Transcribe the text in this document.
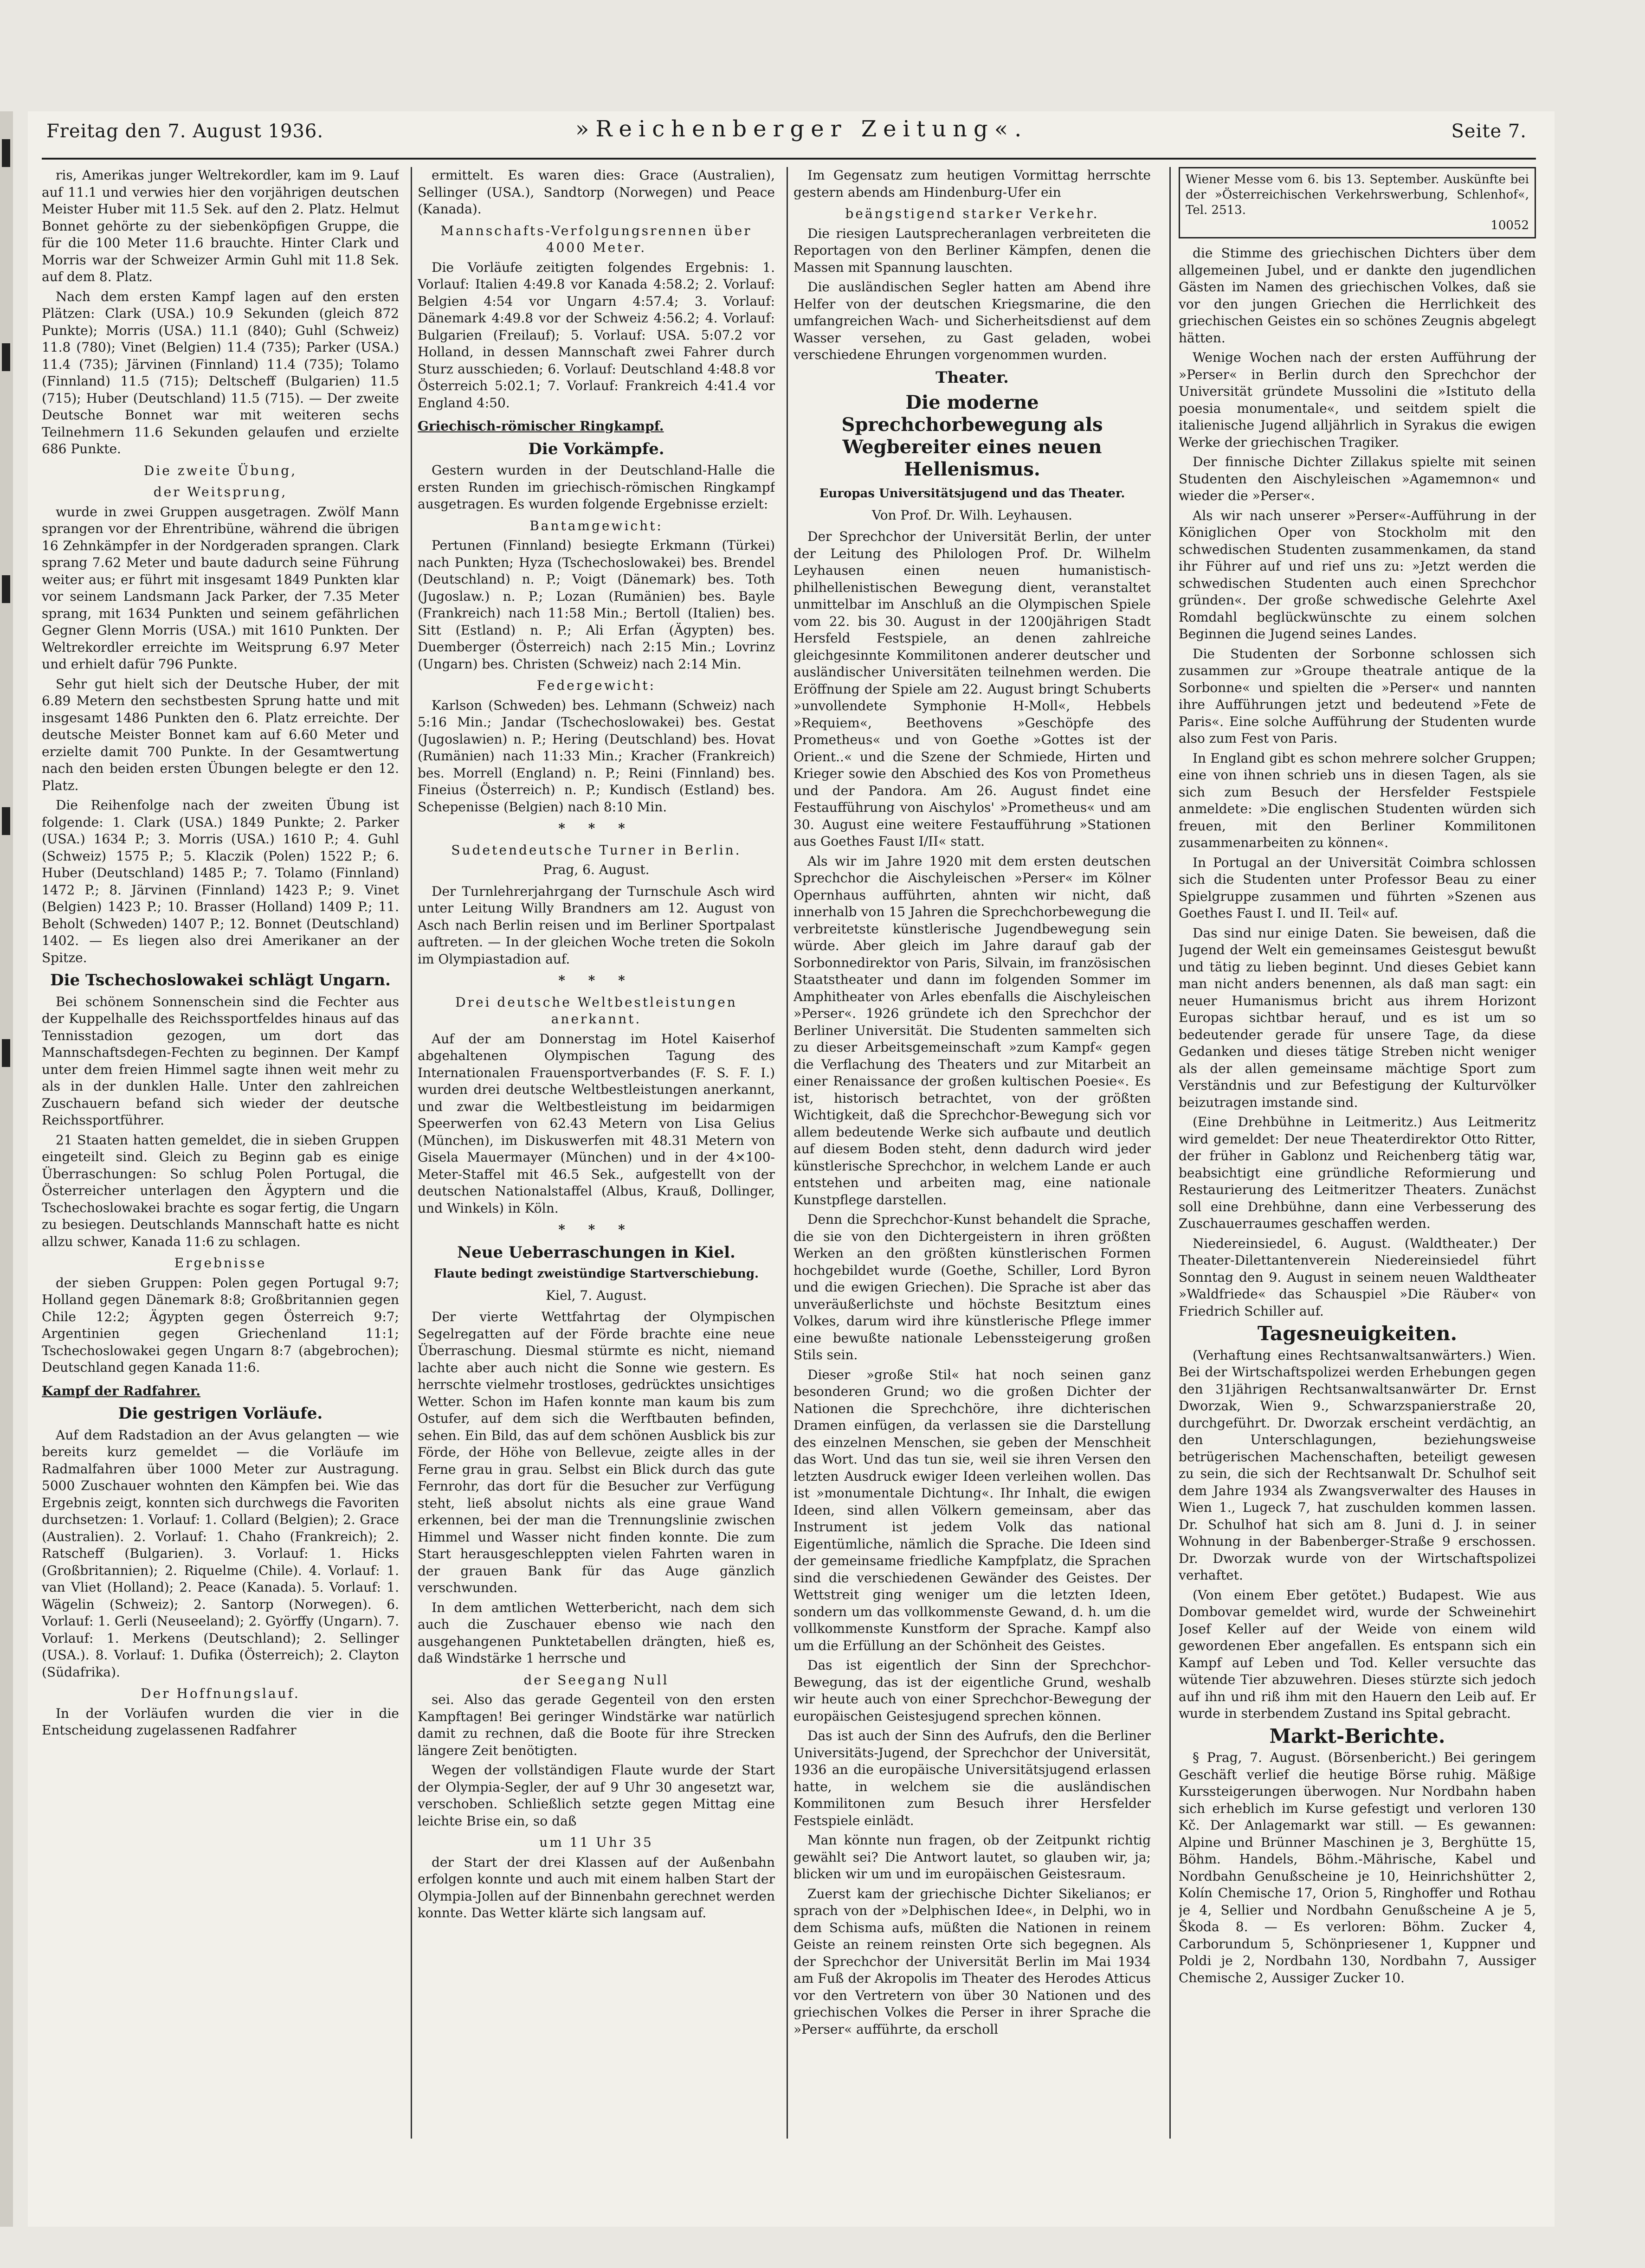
Freitag den 7. August 1936.	»Reichenberger Zeitung«.	Seite 7.

ris, Amerikas junger Weltrekordler, kam im 9. Lauf auf 11.1 und verwies hier den vorjährigen deutschen Meister Huber mit 11.5 Sek. auf den 2. Platz. Helmut Bonnet gehörte zu der siebenköpfigen Gruppe, die für die 100 Meter 11.6 brauchte. Hinter Clark und Morris war der Schweizer Armin Guhl mit 11.8 Sek. auf dem 8. Platz.

Nach dem ersten Kampf lagen auf den ersten Plätzen: Clark (USA.) 10.9 Sekunden (gleich 872 Punkte); Morris (USA.) 11.1 (840); Guhl (Schweiz) 11.8 (780); Vinet (Belgien) 11.4 (735); Parker (USA.) 11.4 (735); Järvinen (Finnland) 11.4 (735); Tolamo (Finnland) 11.5 (715); Deltscheff (Bulgarien) 11.5 (715); Huber (Deutschland) 11.5 (715). — Der zweite Deutsche Bonnet war mit weiteren sechs Teilnehmern 11.6 Sekunden gelaufen und erzielte 686 Punkte.

Die zweite Übung,
der Weitsprung,

wurde in zwei Gruppen ausgetragen. Zwölf Mann sprangen vor der Ehrentribüne, während die übrigen 16 Zehnkämpfer in der Nordgeraden sprangen. Clark sprang 7.62 Meter und baute dadurch seine Führung weiter aus; er führt mit insgesamt 1849 Punkten klar vor seinem Landsmann Jack Parker, der 7.35 Meter sprang, mit 1634 Punkten und seinem gefährlichen Gegner Glenn Morris (USA.) mit 1610 Punkten. Der Weltrekordler erreichte im Weitsprung 6.97 Meter und erhielt dafür 796 Punkte.

Sehr gut hielt sich der Deutsche Huber, der mit 6.89 Metern den sechstbesten Sprung hatte und mit insgesamt 1486 Punkten den 6. Platz erreichte. Der deutsche Meister Bonnet kam auf 6.60 Meter und erzielte damit 700 Punkte. In der Gesamtwertung nach den beiden ersten Übungen belegte er den 12. Platz.

Die Reihenfolge nach der zweiten Übung ist folgende: 1. Clark (USA.) 1849 Punkte; 2. Parker (USA.) 1634 P.; 3. Morris (USA.) 1610 P.; 4. Guhl (Schweiz) 1575 P.; 5. Klaczik (Polen) 1522 P.; 6. Huber (Deutschland) 1485 P.; 7. Tolamo (Finnland) 1472 P.; 8. Järvinen (Finnland) 1423 P.; 9. Vinet (Belgien) 1423 P.; 10. Brasser (Holland) 1409 P.; 11. Beholt (Schweden) 1407 P.; 12. Bonnet (Deutschland) 1402. — Es liegen also drei Amerikaner an der Spitze.

Die Tschechoslowakei schlägt Ungarn.

Bei schönem Sonnenschein sind die Fechter aus der Kuppelhalle des Reichssportfeldes hinaus auf das Tennisstadion gezogen, um dort das Mannschaftsdegen-Fechten zu beginnen. Der Kampf unter dem freien Himmel sagte ihnen weit mehr zu als in der dunklen Halle. Unter den zahlreichen Zuschauern befand sich wieder der deutsche Reichssportführer.

21 Staaten hatten gemeldet, die in sieben Gruppen eingeteilt sind. Gleich zu Beginn gab es einige Überraschungen: So schlug Polen Portugal, die Österreicher unterlagen den Ägyptern und die Tschechoslowakei brachte es sogar fertig, die Ungarn zu besiegen. Deutschlands Mannschaft hatte es nicht allzu schwer, Kanada 11:6 zu schlagen.

Ergebnisse

der sieben Gruppen: Polen gegen Portugal 9:7; Holland gegen Dänemark 8:8; Großbritannien gegen Chile 12:2; Ägypten gegen Österreich 9:7; Argentinien gegen Griechenland 11:1; Tschechoslowakei gegen Ungarn 8:7 (abgebrochen); Deutschland gegen Kanada 11:6.

Kampf der Radfahrer.
Die gestrigen Vorläufe.

Auf dem Radstadion an der Avus gelangten — wie bereits kurz gemeldet — die Vorläufe im Radmalfahren über 1000 Meter zur Austragung. 5000 Zuschauer wohnten den Kämpfen bei. Wie das Ergebnis zeigt, konnten sich durchwegs die Favoriten durchsetzen: 1. Vorlauf: 1. Collard (Belgien); 2. Grace (Australien). 2. Vorlauf: 1. Chaho (Frankreich); 2. Ratscheff (Bulgarien). 3. Vorlauf: 1. Hicks (Großbritannien); 2. Riquelme (Chile). 4. Vorlauf: 1. van Vliet (Holland); 2. Peace (Kanada). 5. Vorlauf: 1. Wägelin (Schweiz); 2. Santorp (Norwegen). 6. Vorlauf: 1. Gerli (Neuseeland); 2. Györffy (Ungarn). 7. Vorlauf: 1. Merkens (Deutschland); 2. Sellinger (USA.). 8. Vorlauf: 1. Dufika (Österreich); 2. Clayton (Südafrika).

Der Hoffnungslauf.

In der Vorläufen wurden die vier in die Entscheidung zugelassenen Radfahrer

ermittelt. Es waren dies: Grace (Australien), Sellinger (USA.), Sandtorp (Norwegen) und Peace (Kanada).

Mannschafts-Verfolgungsrennen über 4000 Meter.

Die Vorläufe zeitigten folgendes Ergebnis: 1. Vorlauf: Italien 4:49.8 vor Kanada 4:58.2; 2. Vorlauf: Belgien 4:54 vor Ungarn 4:57.4; 3. Vorlauf: Dänemark 4:49.8 vor der Schweiz 4:56.2; 4. Vorlauf: Bulgarien (Freilauf); 5. Vorlauf: USA. 5:07.2 vor Holland, in dessen Mannschaft zwei Fahrer durch Sturz ausschieden; 6. Vorlauf: Deutschland 4:48.8 vor Österreich 5:02.1; 7. Vorlauf: Frankreich 4:41.4 vor England 4:50.

Griechisch-römischer Ringkampf.
Die Vorkämpfe.

Gestern wurden in der Deutschland-Halle die ersten Runden im griechisch-römischen Ringkampf ausgetragen. Es wurden folgende Ergebnisse erzielt:

Bantamgewicht:

Pertunen (Finnland) besiegte Erkmann (Türkei) nach Punkten; Hyza (Tschechoslowakei) bes. Brendel (Deutschland) n. P.; Voigt (Dänemark) bes. Toth (Jugoslaw.) n. P.; Lozan (Rumänien) bes. Bayle (Frankreich) nach 11:58 Min.; Bertoll (Italien) bes. Sitt (Estland) n. P.; Ali Erfan (Ägypten) bes. Duemberger (Österreich) nach 2:15 Min.; Lovrinz (Ungarn) bes. Christen (Schweiz) nach 2:14 Min.

Federgewicht:

Karlson (Schweden) bes. Lehmann (Schweiz) nach 5:16 Min.; Jandar (Tschechoslowakei) bes. Gestat (Jugoslawien) n. P.; Hering (Deutschland) bes. Hovat (Rumänien) nach 11:33 Min.; Kracher (Frankreich) bes. Morrell (England) n. P.; Reini (Finnland) bes. Fineius (Österreich) n. P.; Kundisch (Estland) bes. Schepenisse (Belgien) nach 8:10 Min.

* * *
Sudetendeutsche Turner in Berlin.
Prag, 6. August.

Der Turnlehrerjahrgang der Turnschule Asch wird unter Leitung Willy Brandners am 12. August von Asch nach Berlin reisen und im Berliner Sportpalast auftreten. — In der gleichen Woche treten die Sokoln im Olympiastadion auf.

* * *
Drei deutsche Weltbestleistungen anerkannt.

Auf der am Donnerstag im Hotel Kaiserhof abgehaltenen Olympischen Tagung des Internationalen Frauensportverbandes (F. S. F. I.) wurden drei deutsche Weltbestleistungen anerkannt, und zwar die Weltbestleistung im beidarmigen Speerwerfen von 62.43 Metern von Lisa Gelius (München), im Diskuswerfen mit 48.31 Metern von Gisela Mauermayer (München) und in der 4×100-Meter-Staffel mit 46.5 Sek., aufgestellt von der deutschen Nationalstaffel (Albus, Krauß, Dollinger, und Winkels) in Köln.

* * *
Neue Ueberraschungen in Kiel.
Flaute bedingt zweistündige Startverschiebung.
Kiel, 7. August.

Der vierte Wettfahrtag der Olympischen Segelregatten auf der Förde brachte eine neue Überraschung. Diesmal stürmte es nicht, niemand lachte aber auch nicht die Sonne wie gestern. Es herrschte vielmehr trostloses, gedrücktes unsichtiges Wetter. Schon im Hafen konnte man kaum bis zum Ostufer, auf dem sich die Werftbauten befinden, sehen. Ein Bild, das auf dem schönen Ausblick bis zur Förde, der Höhe von Bellevue, zeigte alles in der Ferne grau in grau. Selbst ein Blick durch das gute Fernrohr, das dort für die Besucher zur Verfügung steht, ließ absolut nichts als eine graue Wand erkennen, bei der man die Trennungslinie zwischen Himmel und Wasser nicht finden konnte. Die zum Start herausgeschleppten vielen Fahrten waren in der grauen Bank für das Auge gänzlich verschwunden.

In dem amtlichen Wetterbericht, nach dem sich auch die Zuschauer ebenso wie nach den ausgehangenen Punktetabellen drängten, hieß es, daß Windstärke 1 herrsche und

der Seegang Null

sei. Also das gerade Gegenteil von den ersten Kampftagen! Bei geringer Windstärke war natürlich damit zu rechnen, daß die Boote für ihre Strecken längere Zeit benötigten.

Wegen der vollständigen Flaute wurde der Start der Olympia-Segler, der auf 9 Uhr 30 angesetzt war, verschoben. Schließlich setzte gegen Mittag eine leichte Brise ein, so daß

um 11 Uhr 35

der Start der drei Klassen auf der Außenbahn erfolgen konnte und auch mit einem halben Start der Olympia-Jollen auf der Binnenbahn gerechnet werden konnte. Das Wetter klärte sich langsam auf.

Im Gegensatz zum heutigen Vormittag herrschte gestern abends am Hindenburg-Ufer ein

beängstigend starker Verkehr.

Die riesigen Lautsprecheranlagen verbreiteten die Reportagen von den Berliner Kämpfen, denen die Massen mit Spannung lauschten.

Die ausländischen Segler hatten am Abend ihre Helfer von der deutschen Kriegsmarine, die den umfangreichen Wach- und Sicherheitsdienst auf dem Wasser versehen, zu Gast geladen, wobei verschiedene Ehrungen vorgenommen wurden.

Theater.
Die moderne Sprechchorbewegung als Wegbereiter eines neuen Hellenismus.
Europas Universitätsjugend und das Theater.
Von Prof. Dr. Wilh. Leyhausen.

Der Sprechchor der Universität Berlin, der unter der Leitung des Philologen Prof. Dr. Wilhelm Leyhausen einen neuen humanistisch-philhellenistischen Bewegung dient, veranstaltet unmittelbar im Anschluß an die Olympischen Spiele vom 22. bis 30. August in der 1200jährigen Stadt Hersfeld Festspiele, an denen zahlreiche gleichgesinnte Kommilitonen anderer deutscher und ausländischer Universitäten teilnehmen werden. Die Eröffnung der Spiele am 22. August bringt Schuberts »unvollendete Symphonie H-Moll«, Hebbels »Requiem«, Beethovens »Geschöpfe des Prometheus« und von Goethe »Gottes ist der Orient..« und die Szene der Schmiede, Hirten und Krieger sowie den Abschied des Kos von Prometheus und der Pandora. Am 26. August findet eine Festaufführung von Aischylos' »Prometheus« und am 30. August eine weitere Festaufführung »Stationen aus Goethes Faust I/II« statt.

Als wir im Jahre 1920 mit dem ersten deutschen Sprechchor die Aischyleischen »Perser« im Kölner Opernhaus aufführten, ahnten wir nicht, daß innerhalb von 15 Jahren die Sprechchorbewegung die verbreitetste künstlerische Jugendbewegung sein würde. Aber gleich im Jahre darauf gab der Sorbonnedirektor von Paris, Silvain, im französischen Staatstheater und dann im folgenden Sommer im Amphitheater von Arles ebenfalls die Aischyleischen »Perser«. 1926 gründete ich den Sprechchor der Berliner Universität. Die Studenten sammelten sich zu dieser Arbeitsgemeinschaft »zum Kampf« gegen die Verflachung des Theaters und zur Mitarbeit an einer Renaissance der großen kultischen Poesie«. Es ist, historisch betrachtet, von der größten Wichtigkeit, daß die Sprechchor-Bewegung sich vor allem bedeutende Werke sich aufbaute und deutlich auf diesem Boden steht, denn dadurch wird jeder künstlerische Sprechchor, in welchem Lande er auch entstehen und arbeiten mag, eine nationale Kunstpflege darstellen.

Denn die Sprechchor-Kunst behandelt die Sprache, die sie von den Dichtergeistern in ihren größten Werken an den größten künstlerischen Formen hochgebildet wurde (Goethe, Schiller, Lord Byron und die ewigen Griechen). Die Sprache ist aber das unveräußerlichste und höchste Besitztum eines Volkes, darum wird ihre künstlerische Pflege immer eine bewußte nationale Lebenssteigerung großen Stils sein.

Dieser »große Stil« hat noch seinen ganz besonderen Grund; wo die großen Dichter der Nationen die Sprechchöre, ihre dichterischen Dramen einfügen, da verlassen sie die Darstellung des einzelnen Menschen, sie geben der Menschheit das Wort. Und das tun sie, weil sie ihren Versen den letzten Ausdruck ewiger Ideen verleihen wollen. Das ist »monumentale Dichtung«. Ihr Inhalt, die ewigen Ideen, sind allen Völkern gemeinsam, aber das Instrument ist jedem Volk das national Eigentümliche, nämlich die Sprache. Die Ideen sind der gemeinsame friedliche Kampfplatz, die Sprachen sind die verschiedenen Gewänder des Geistes. Der Wettstreit ging weniger um die letzten Ideen, sondern um das vollkommenste Gewand, d. h. um die vollkommenste Kunstform der Sprache. Kampf also um die Erfüllung an der Schönheit des Geistes.

Das ist eigentlich der Sinn der Sprechchor-Bewegung, das ist der eigentliche Grund, weshalb wir heute auch von einer Sprechchor-Bewegung der europäischen Geistesjugend sprechen können.

Das ist auch der Sinn des Aufrufs, den die Berliner Universitäts-Jugend, der Sprechchor der Universität, 1936 an die europäische Universitätsjugend erlassen hatte, in welchem sie die ausländischen Kommilitonen zum Besuch ihrer Hersfelder Festspiele einlädt.

Man könnte nun fragen, ob der Zeitpunkt richtig gewählt sei? Die Antwort lautet, so glauben wir, ja; blicken wir um und im europäischen Geistesraum.

Zuerst kam der griechische Dichter Sikelianos; er sprach von der »Delphischen Idee«, in Delphi, wo in dem Schisma aufs, müßten die Nationen in reinem Geiste an reinem reinsten Orte sich begegnen. Als der Sprechchor der Universität Berlin im Mai 1934 am Fuß der Akropolis im Theater des Herodes Atticus vor den Vertretern von über 30 Nationen und des griechischen Volkes die Perser in ihrer Sprache die »Perser« aufführte, da erscholl

Wiener Messe vom 6. bis 13. September. Auskünfte bei der »Österreichischen Verkehrswerbung, Schlenhof«, Tel. 2513.
10052

die Stimme des griechischen Dichters über dem allgemeinen Jubel, und er dankte den jugendlichen Gästen im Namen des griechischen Volkes, daß sie vor den jungen Griechen die Herrlichkeit des griechischen Geistes ein so schönes Zeugnis abgelegt hätten.

Wenige Wochen nach der ersten Aufführung der »Perser« in Berlin durch den Sprechchor der Universität gründete Mussolini die »Istituto della poesia monumentale«, und seitdem spielt die italienische Jugend alljährlich in Syrakus die ewigen Werke der griechischen Tragiker.

Der finnische Dichter Zillakus spielte mit seinen Studenten den Aischyleischen »Agamemnon« und wieder die »Perser«.

Als wir nach unserer »Perser«-Aufführung in der Königlichen Oper von Stockholm mit den schwedischen Studenten zusammenkamen, da stand ihr Führer auf und rief uns zu: »Jetzt werden die schwedischen Studenten auch einen Sprechchor gründen«. Der große schwedische Gelehrte Axel Romdahl beglückwünschte zu einem solchen Beginnen die Jugend seines Landes.

Die Studenten der Sorbonne schlossen sich zusammen zur »Groupe theatrale antique de la Sorbonne« und spielten die »Perser« und nannten ihre Aufführungen jetzt und bedeutend »Fete de Paris«. Eine solche Aufführung der Studenten wurde also zum Fest von Paris.

In England gibt es schon mehrere solcher Gruppen; eine von ihnen schrieb uns in diesen Tagen, als sie sich zum Besuch der Hersfelder Festspiele anmeldete: »Die englischen Studenten würden sich freuen, mit den Berliner Kommilitonen zusammenarbeiten zu können«.

In Portugal an der Universität Coimbra schlossen sich die Studenten unter Professor Beau zu einer Spielgruppe zusammen und führten »Szenen aus Goethes Faust I. und II. Teil« auf.

Das sind nur einige Daten. Sie beweisen, daß die Jugend der Welt ein gemeinsames Geistesgut bewußt und tätig zu lieben beginnt. Und dieses Gebiet kann man nicht anders benennen, als daß man sagt: ein neuer Humanismus bricht aus ihrem Horizont Europas sichtbar herauf, und es ist um so bedeutender gerade für unsere Tage, da diese Gedanken und dieses tätige Streben nicht weniger als der allen gemeinsame mächtige Sport zum Verständnis und zur Befestigung der Kulturvölker beizutragen imstande sind.

(Eine Drehbühne in Leitmeritz.) Aus Leitmeritz wird gemeldet: Der neue Theaterdirektor Otto Ritter, der früher in Gablonz und Reichenberg tätig war, beabsichtigt eine gründliche Reformierung und Restaurierung des Leitmeritzer Theaters. Zunächst soll eine Drehbühne, dann eine Verbesserung des Zuschauerraumes geschaffen werden.

Niedereinsiedel, 6. August. (Waldtheater.) Der Theater-Dilettantenverein Niedereinsiedel führt Sonntag den 9. August in seinem neuen Waldtheater »Waldfriede« das Schauspiel »Die Räuber« von Friedrich Schiller auf.

Tagesneuigkeiten.

(Verhaftung eines Rechtsanwaltsanwärters.) Wien. Bei der Wirtschaftspolizei werden Erhebungen gegen den 31jährigen Rechtsanwaltsanwärter Dr. Ernst Dworzak, Wien 9., Schwarzspanierstraße 20, durchgeführt. Dr. Dworzak erscheint verdächtig, an den Unterschlagungen, beziehungsweise betrügerischen Machenschaften, beteiligt gewesen zu sein, die sich der Rechtsanwalt Dr. Schulhof seit dem Jahre 1934 als Zwangsverwalter des Hauses in Wien 1., Lugeck 7, hat zuschulden kommen lassen. Dr. Schulhof hat sich am 8. Juni d. J. in seiner Wohnung in der Babenberger-Straße 9 erschossen. Dr. Dworzak wurde von der Wirtschaftspolizei verhaftet.

(Von einem Eber getötet.) Budapest. Wie aus Dombovar gemeldet wird, wurde der Schweinehirt Josef Keller auf der Weide von einem wild gewordenen Eber angefallen. Es entspann sich ein Kampf auf Leben und Tod. Keller versuchte das wütende Tier abzuwehren. Dieses stürzte sich jedoch auf ihn und riß ihm mit den Hauern den Leib auf. Er wurde in sterbendem Zustand ins Spital gebracht.

Markt-Berichte.

§ Prag, 7. August. (Börsenbericht.) Bei geringem Geschäft verlief die heutige Börse ruhig. Mäßige Kurssteigerungen überwogen. Nur Nordbahn haben sich erheblich im Kurse gefestigt und verloren 130 Kč. Der Anlagemarkt war still. — Es gewannen: Alpine und Brünner Maschinen je 3, Berghütte 15, Böhm. Handels, Böhm.-Mährische, Kabel und Nordbahn Genußscheine je 10, Heinrichshütter 2, Kolín Chemische 17, Orion 5, Ringhoffer und Rothau je 4, Sellier und Nordbahn Genußscheine A je 5, Škoda 8. — Es verloren: Böhm. Zucker 4, Carborundum 5, Schönpriesener 1, Kuppner und Poldi je 2, Nordbahn 130, Nordbahn 7, Aussiger Chemische 2, Aussiger Zucker 10.
